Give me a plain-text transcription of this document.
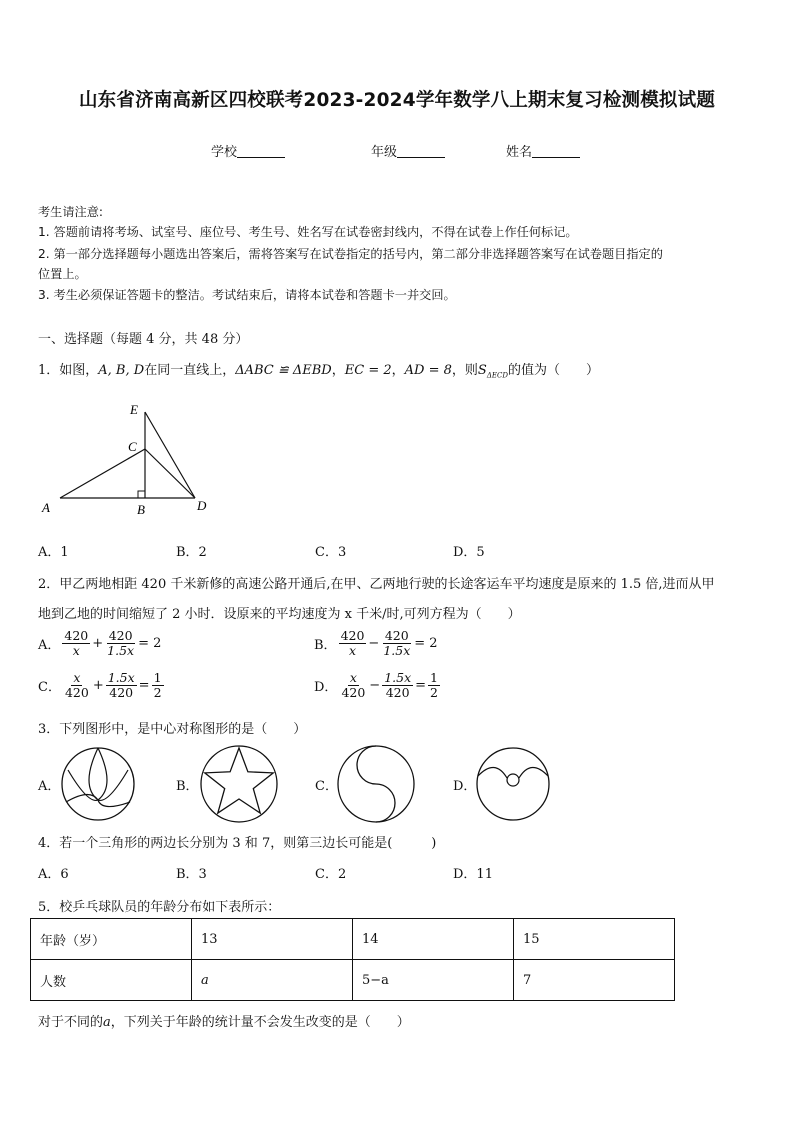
山东省济南高新区四校联考2023-2024学年数学八上期末复习检测模拟试题
学校	年级	姓名
考生请注意:
1. 答题前请将考场、试室号、座位号、考生号、姓名写在试卷密封线内，不得在试卷上作任何标记。
2. 第一部分选择题每小题选出答案后，需将答案写在试卷指定的括号内，第二部分非选择题答案写在试卷题目指定的
位置上。
3. 考生必须保证答题卡的整洁。考试结束后，请将本试卷和答题卡一并交回。
一、选择题（每题 4 分，共 48 分）
1．如图，A, B, D在同一直线上，ΔABC ≌ ΔEBD，EC = 2，AD = 8，则$S_{\Delta ECD}$的值为（　　）
A	B
C
D
E
A．1	B．2	C．3	D．5
2．甲乙两地相距 420 千米新修的高速公路开通后,在甲、乙两地行驶的长途客运车平均速度是原来的 1.5 倍,进而从甲
地到乙地的时间缩短了 2 小时．设原来的平均速度为 x 千米/时,可列方程为（　　）
A． $\frac{420}{x} + \frac{420}{1.5x} = 2$	B． $\frac{420}{x} - \frac{420}{1.5x} = 2$
C． $\frac{x}{420} + \frac{1.5x}{420} = \frac{1}{2}$	D． $\frac{x}{420} - \frac{1.5x}{420} = \frac{1}{2}$
3．下列图形中，是中心对称图形的是（　　）
A．	B．	C．	D．
4．若一个三角形的两边长分别为 3 和 7，则第三边长可能是(　　　)
A．6	B．3	C．2	D．11
5．校乒乓球队员的年龄分布如下表所示：
年龄（岁）	13	14	15
人数	a	5−a	7
对于不同的a，下列关于年龄的统计量不会发生改变的是（　　）
